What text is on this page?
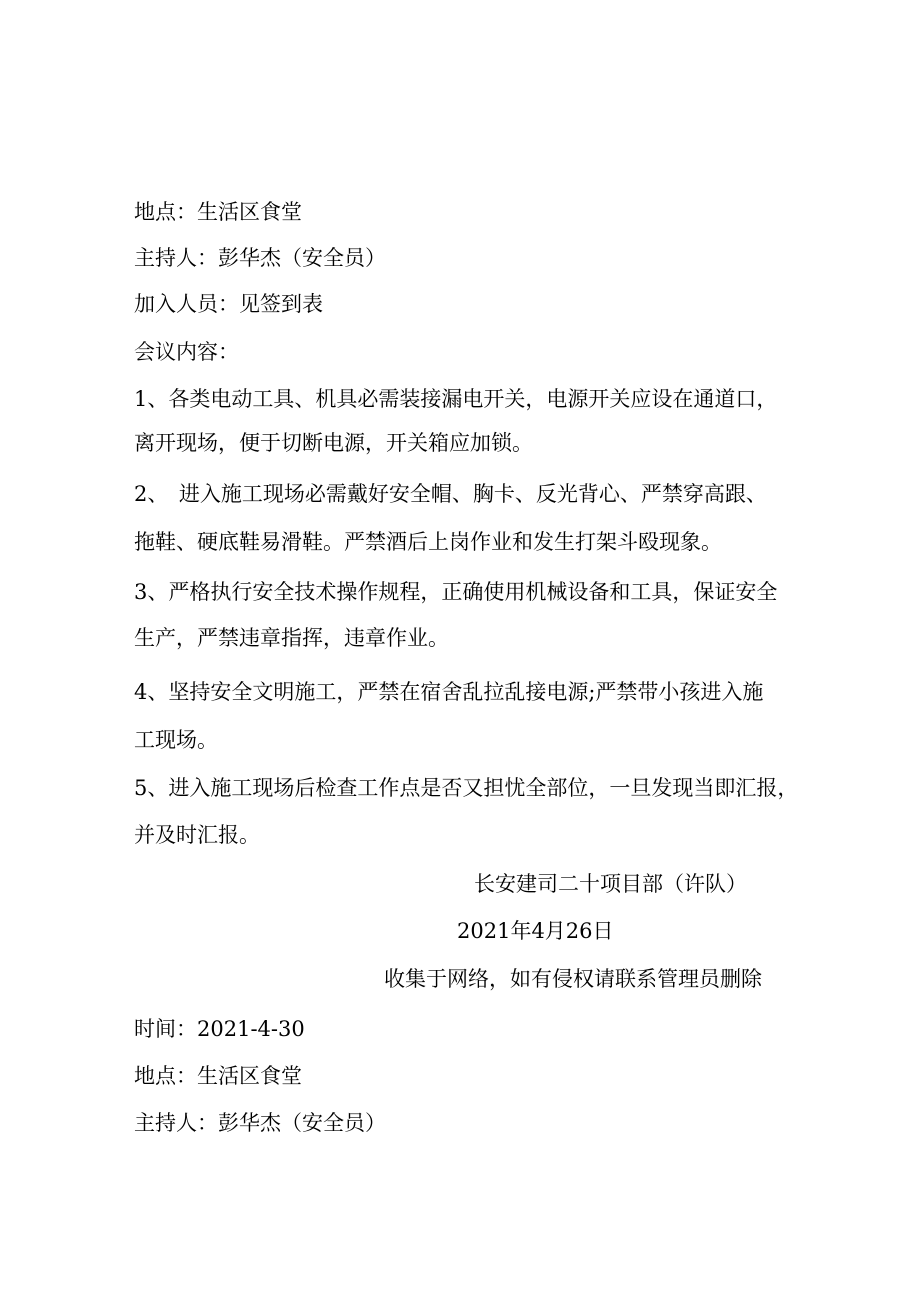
地点：生活区食堂
主持人：彭华杰（安全员）
加入人员：见签到表
会议内容：
1、各类电动工具、机具必需装接漏电开关，电源开关应设在通道口，
离开现场，便于切断电源，开关箱应加锁。
2、　进入施工现场必需戴好安全帽、胸卡、反光背心、严禁穿高跟、
拖鞋、硬底鞋易滑鞋。严禁酒后上岗作业和发生打架斗殴现象。
3、严格执行安全技术操作规程，正确使用机械设备和工具，保证安全
生产，严禁违章指挥，违章作业。
4、坚持安全文明施工，严禁在宿舍乱拉乱接电源;严禁带小孩进入施
工现场。
5、进入施工现场后检查工作点是否又担忧全部位，一旦发现当即汇报，
并及时汇报。
长安建司二十项目部（许队）
2021年4月26日
收集于网络，如有侵权请联系管理员删除
时间：2021-4-30
地点：生活区食堂
主持人：彭华杰（安全员）
